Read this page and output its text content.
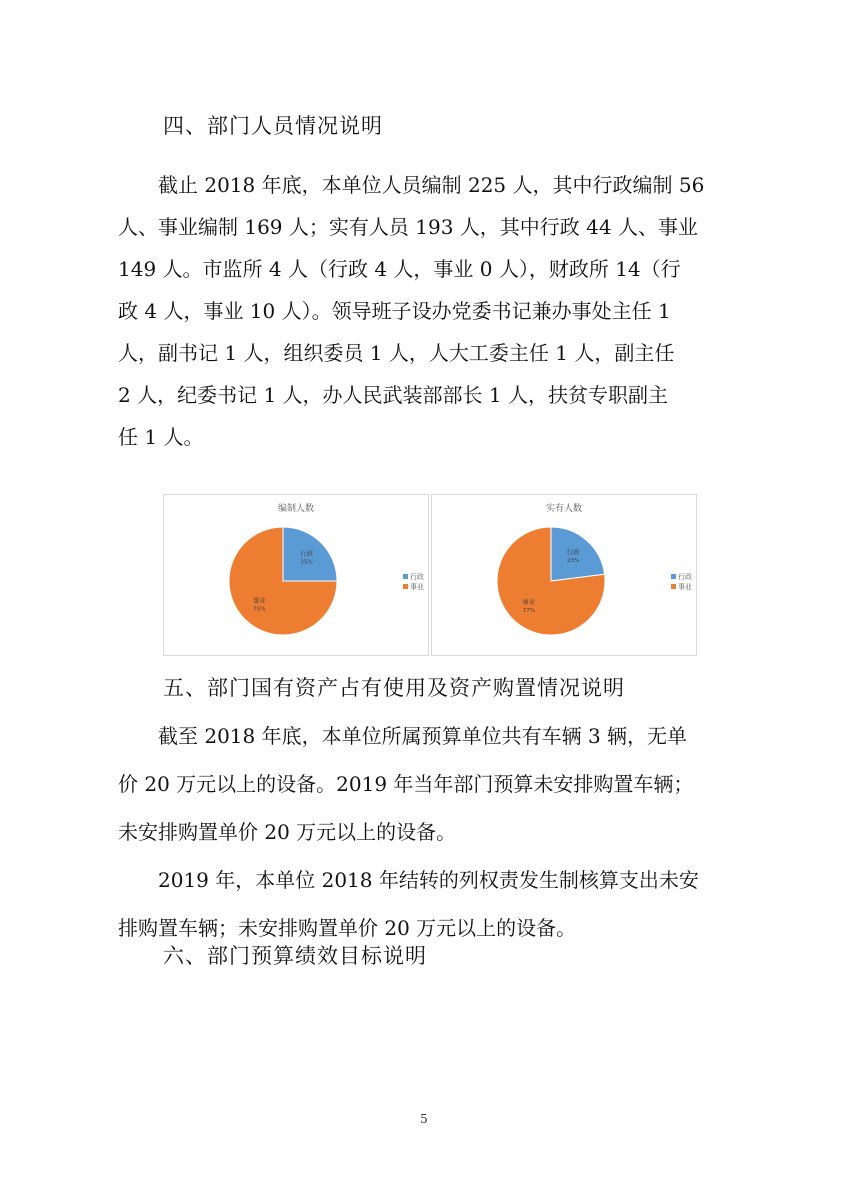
四、部门人员情况说明
截止 2018 年底，本单位人员编制 225 人，其中行政编制 56
人、事业编制 169 人；实有人员 193 人，其中行政 44 人、事业
149 人。市监所 4 人（行政 4 人，事业 0 人），财政所 14（行
政 4 人，事业 10 人）。领导班子设办党委书记兼办事处主任 1
人，副书记 1 人，组织委员 1 人，人大工委主任 1 人，副主任
2 人，纪委书记 1 人，办人民武装部部长 1 人，扶贫专职副主
任 1 人。
编制人数
行政
25%
行政
事业
75%
事业
实有人数
行政
23%
行政
事业
77%
事业
五、部门国有资产占有使用及资产购置情况说明
截至 2018 年底，本单位所属预算单位共有车辆 3 辆，无单
价 20 万元以上的设备。2019 年当年部门预算未安排购置车辆；
未安排购置单价 20 万元以上的设备。
2019 年，本单位 2018 年结转的列权责发生制核算支出未安
排购置车辆；未安排购置单价 20 万元以上的设备。
六、部门预算绩效目标说明
5
